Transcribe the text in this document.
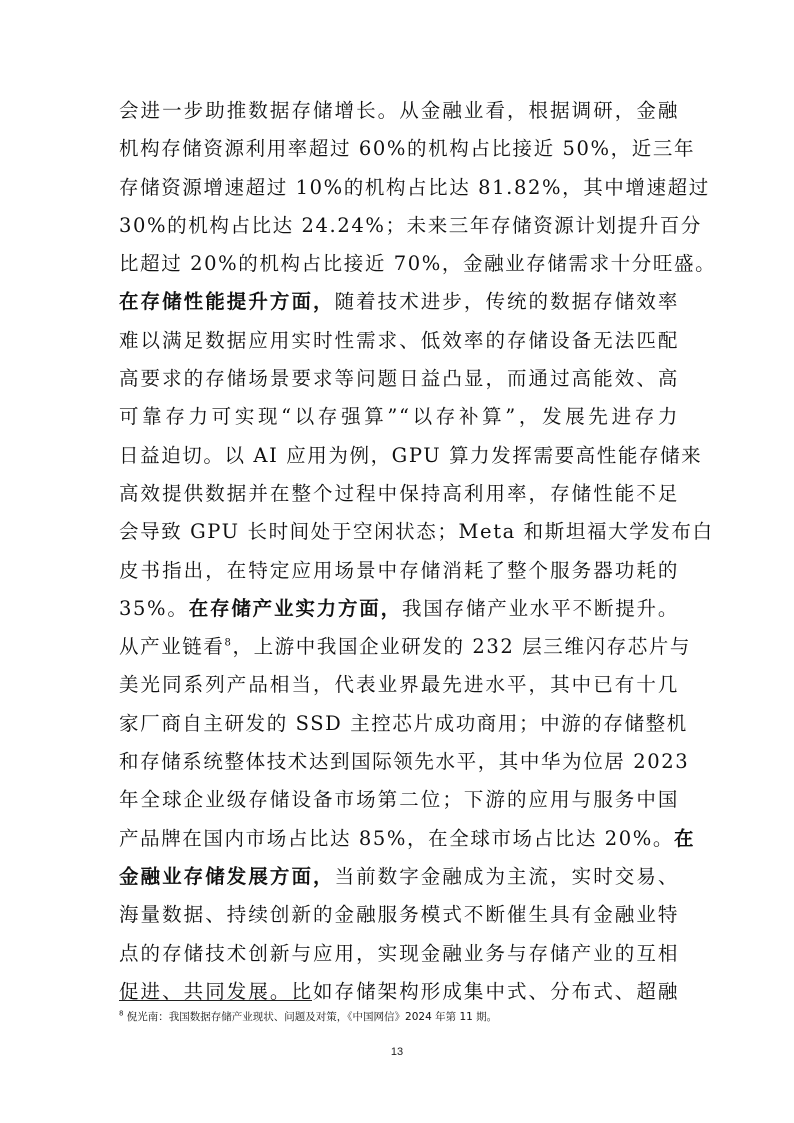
会进一步助推数据存储增长。从金融业看，根据调研，金融
机构存储资源利用率超过 60%的机构占比接近 50%，近三年
存储资源增速超过 10%的机构占比达 81.82%，其中增速超过
30%的机构占比达 24.24%；未来三年存储资源计划提升百分
比超过 20%的机构占比接近 70%，金融业存储需求十分旺盛。
在存储性能提升方面，随着技术进步，传统的数据存储效率
难以满足数据应用实时性需求、低效率的存储设备无法匹配
高要求的存储场景要求等问题日益凸显，而通过高能效、高
可靠存力可实现“以存强算”“以存补算”，发展先进存力
日益迫切。以 AI 应用为例，GPU 算力发挥需要高性能存储来
高效提供数据并在整个过程中保持高利用率，存储性能不足
会导致 GPU 长时间处于空闲状态；Meta 和斯坦福大学发布白
皮书指出，在特定应用场景中存储消耗了整个服务器功耗的
35%。在存储产业实力方面，我国存储产业水平不断提升。
从产业链看$^8$，上游中我国企业研发的 232 层三维闪存芯片与
美光同系列产品相当，代表业界最先进水平，其中已有十几
家厂商自主研发的 SSD 主控芯片成功商用；中游的存储整机
和存储系统整体技术达到国际领先水平，其中华为位居 2023
年全球企业级存储设备市场第二位；下游的应用与服务中国
产品牌在国内市场占比达 85%，在全球市场占比达 20%。在
金融业存储发展方面，当前数字金融成为主流，实时交易、
海量数据、持续创新的金融服务模式不断催生具有金融业特
点的存储技术创新与应用，实现金融业务与存储产业的互相
促进、共同发展。比如存储架构形成集中式、分布式、超融
$^8$ 倪光南：我国数据存储产业现状、问题及对策，《中国网信》2024 年第 11 期。
13
